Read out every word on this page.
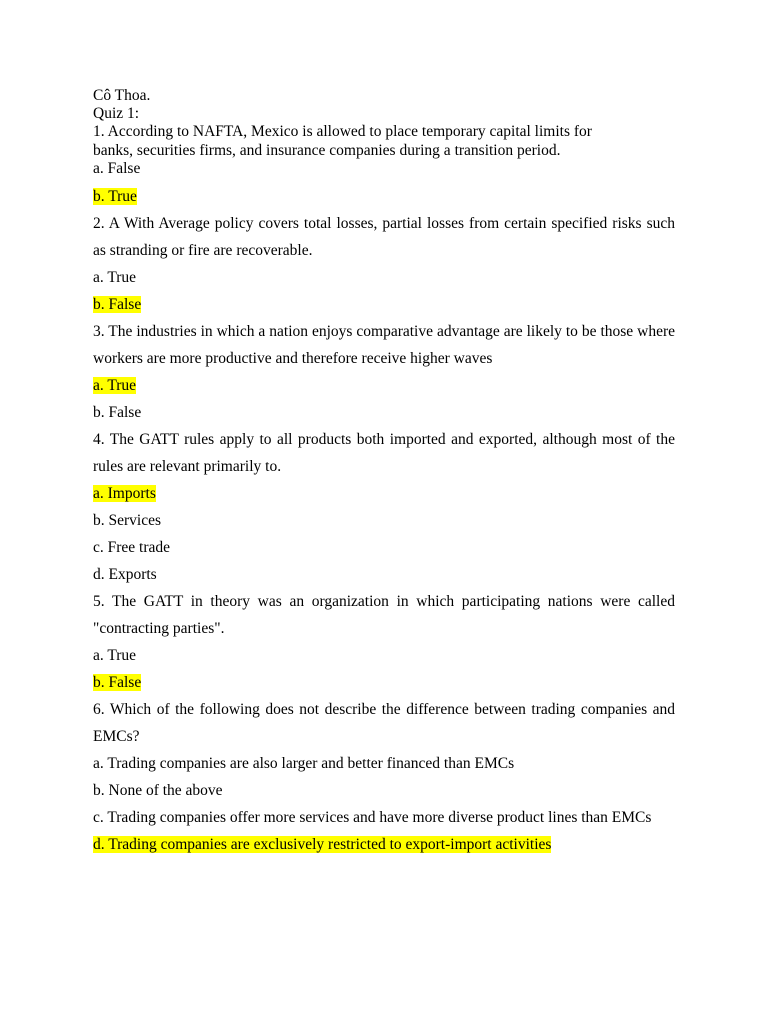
Cô Thoa.
Quiz 1:
1. According to NAFTA, Mexico is allowed to place temporary capital limits for
banks, securities firms, and insurance companies during a transition period.
a. False
b. True

2. A With Average policy covers total losses, partial losses from certain specified risks such as stranding or fire are recoverable.

a. True
b. False

3. The industries in which a nation enjoys comparative advantage are likely to be those where workers are more productive and therefore receive higher waves

a. True
b. False

4. The GATT rules apply to all products both imported and exported, although most of the rules are relevant primarily to.

a. Imports
b. Services
c. Free trade
d. Exports

5. The GATT in theory was an organization in which participating nations were called "contracting parties".

a. True
b. False

6. Which of the following does not describe the difference between trading companies and EMCs?

a. Trading companies are also larger and better financed than EMCs
b. None of the above

c. Trading companies offer more services and have more diverse product lines than EMCs

d. Trading companies are exclusively restricted to export-import activities
